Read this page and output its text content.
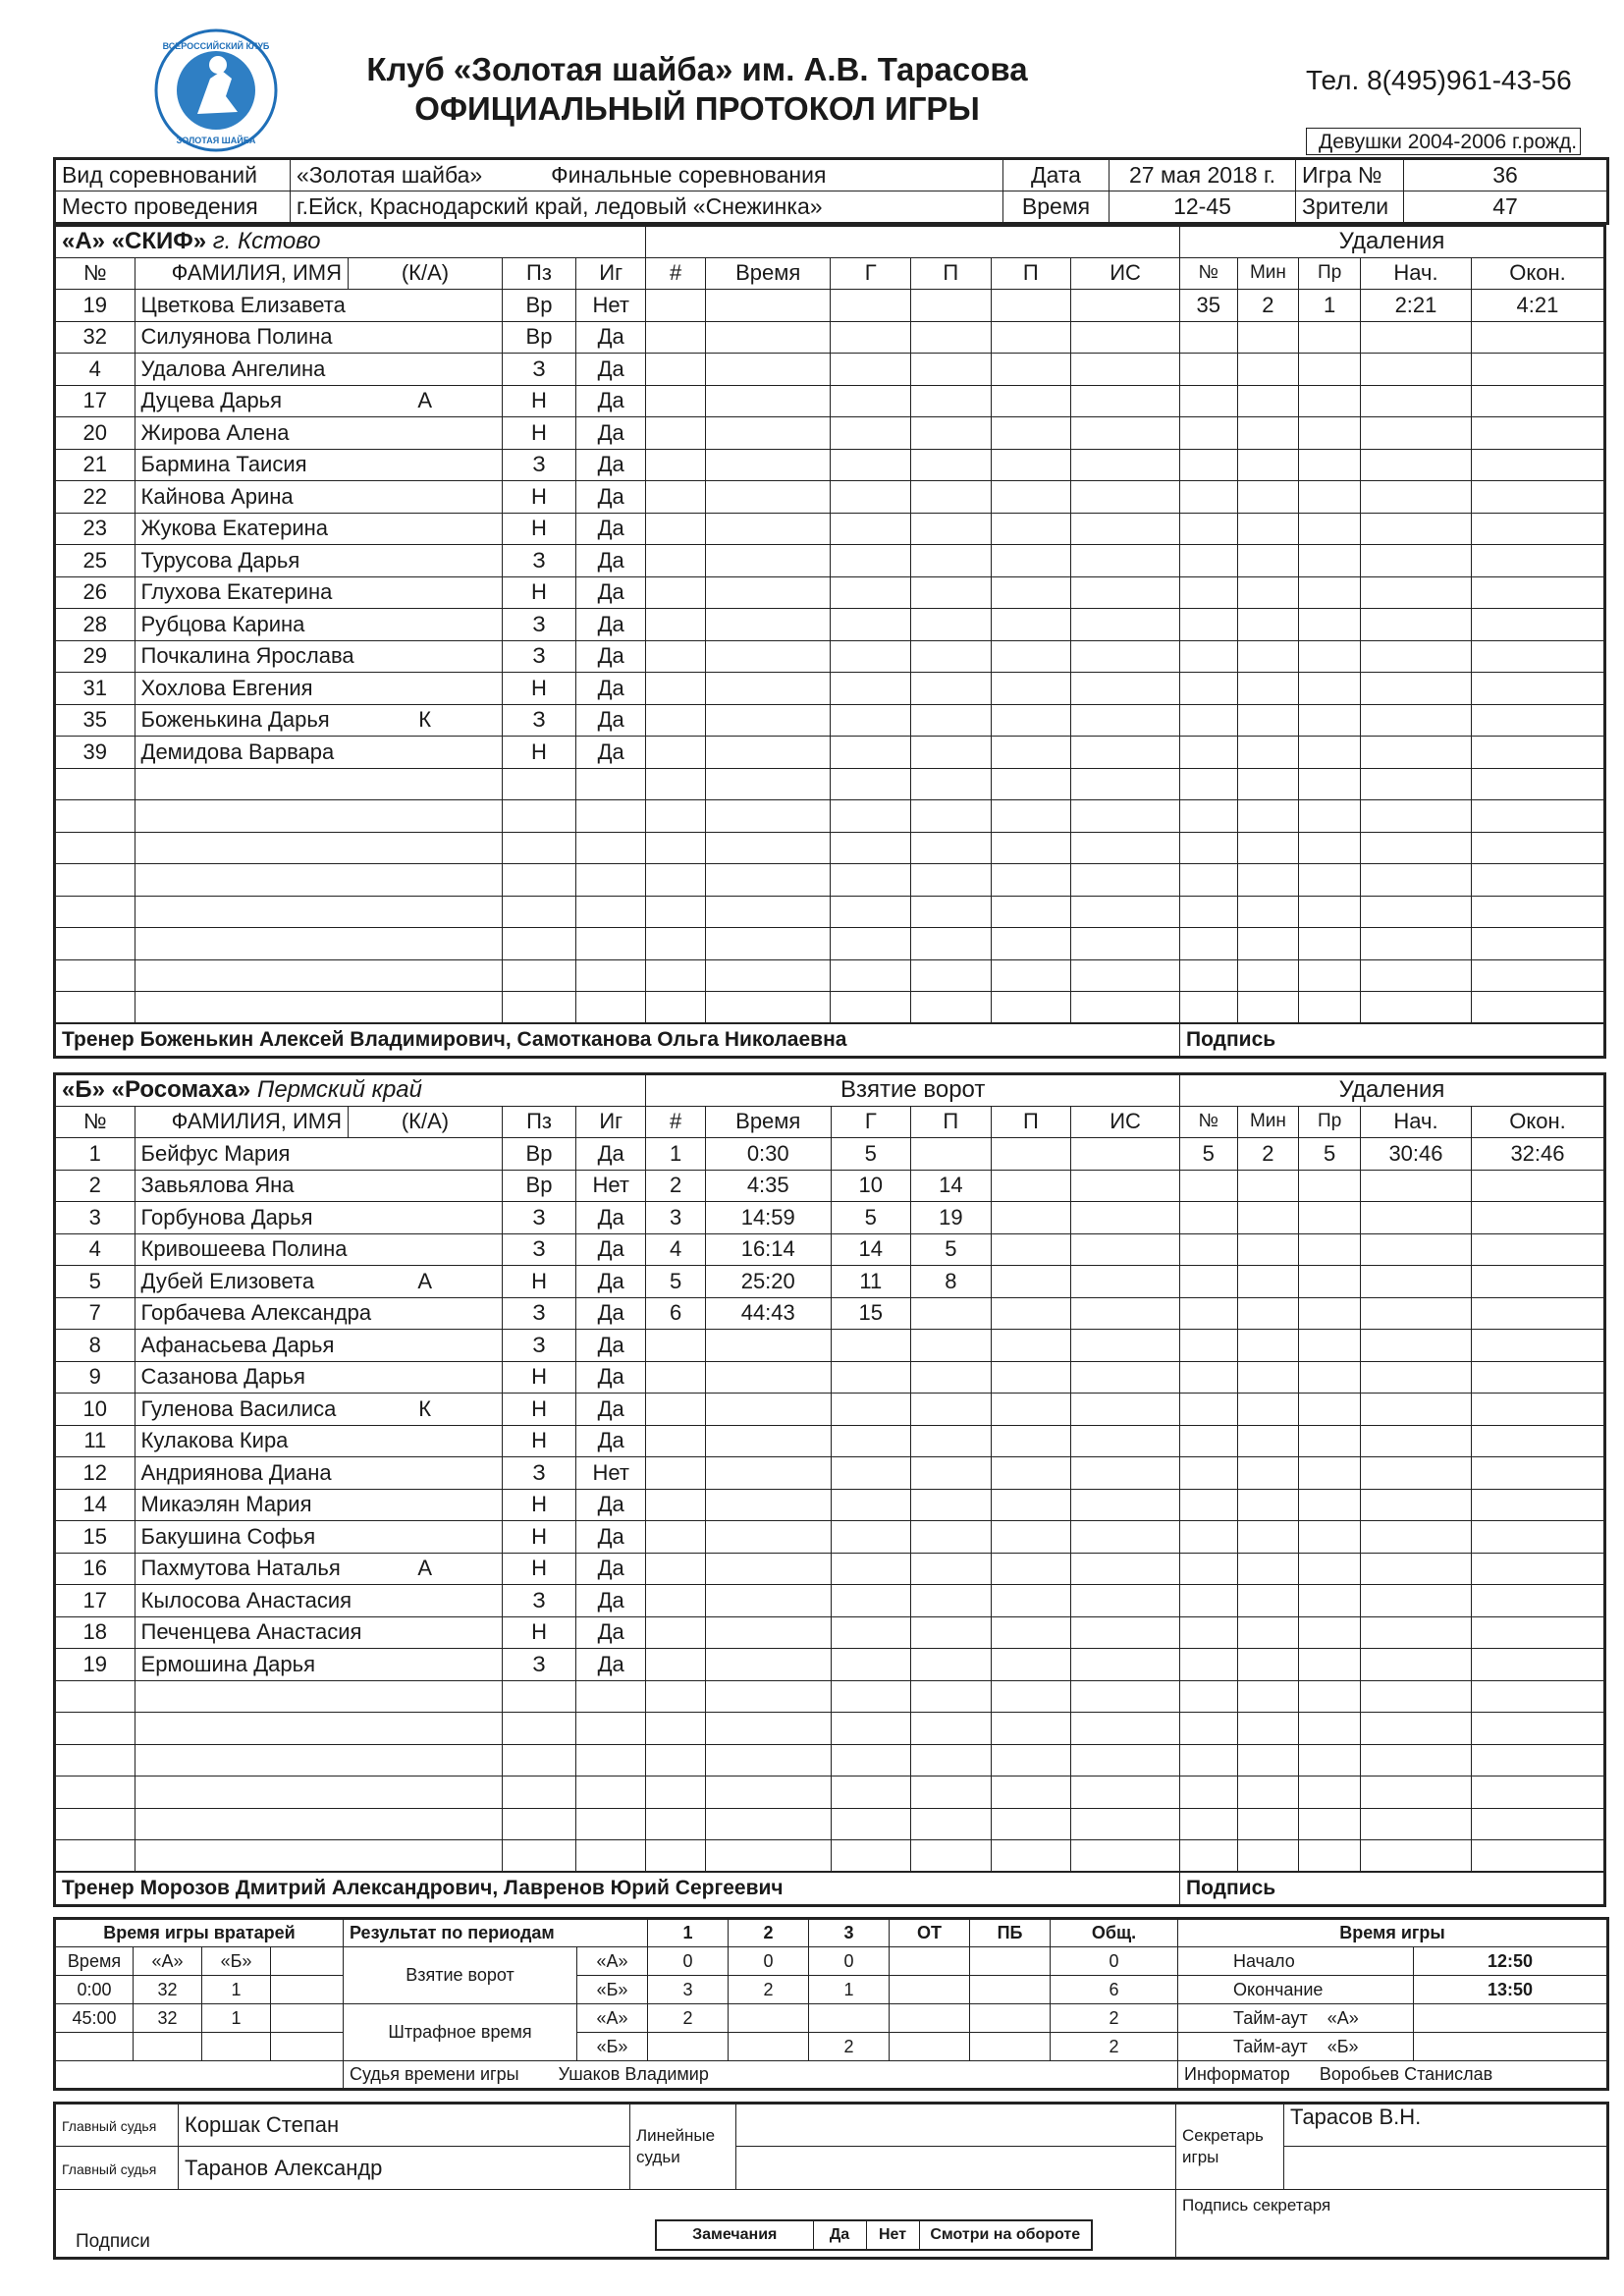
ВСЕРОССИЙСКИЙ КЛУБ
ЗОЛОТАЯ ШАЙБА
Клуб «Золотая шайба» им. А.В. Тарасова
ОФИЦИАЛЬНЫЙ ПРОТОКОЛ ИГРЫ
Тел. 8(495)961-43-56
Девушки 2004-2006 г.рожд.
Вид соревнований	«Золотая шайба» Финальные соревнования	Дата	27 мая 2018 г.	Игра №	36
Место проведения	г.Ейск, Краснодарский край, ледовый «Снежинка»	Время	12-45	Зрители	47
«А» «СКИФ» г. Кстово											Удаления				
№	ФАМИЛИЯ, ИМЯ	(К/А)	Пз	Иг	#	Время	Г	П	П	ИС	№	Мин	Пр	Нач.	Окон.
19	Цветкова Елизавета		Вр	Нет							35	2	1	2:21	4:21
32	Силуянова Полина		Вр	Да											
4	Удалова Ангелина		З	Да											
17	Дуцева Дарья	А	Н	Да											
20	Жирова Алена		Н	Да											
21	Бармина Таисия		З	Да											
22	Кайнова Арина		Н	Да											
23	Жукова Екатерина		Н	Да											
25	Турусова Дарья		З	Да											
26	Глухова Екатерина		Н	Да											
28	Рубцова Карина		З	Да											
29	Почкалина Ярослава		З	Да											
31	Хохлова Евгения		Н	Да											
35	Боженькина Дарья	К	З	Да											
39	Демидова Варвара		Н	Да											

Тренер Боженькин Алексей Владимирович, Самотканова Ольга Николаевна											Подпись				
«Б» «Росомаха» Пермский край					Взятие ворот						Удаления				
№	ФАМИЛИЯ, ИМЯ	(К/А)	Пз	Иг	#	Время	Г	П	П	ИС	№	Мин	Пр	Нач.	Окон.
1	Бейфус Мария		Вр	Да	1	0:30	5				5	2	5	30:46	32:46
2	Завьялова Яна		Вр	Нет	2	4:35	10	14							
3	Горбунова Дарья		З	Да	3	14:59	5	19							
4	Кривошеева Полина		З	Да	4	16:14	14	5							
5	Дубей Елизовета	А	Н	Да	5	25:20	11	8							
7	Горбачева Александра		З	Да	6	44:43	15								
8	Афанасьева Дарья		З	Да											
9	Сазанова Дарья		Н	Да											
10	Гуленова Василиса	К	Н	Да											
11	Кулакова Кира		Н	Да											
12	Андриянова Диана		З	Нет											
14	Микаэлян Мария		Н	Да											
15	Бакушина Софья		Н	Да											
16	Пахмутова Наталья	А	Н	Да											
17	Кылосова Анастасия		З	Да											
18	Печенцева Анастасия		Н	Да											
19	Ермошина Дарья		З	Да											

Тренер Морозов Дмитрий Александрович, Лавренов Юрий Сергеевич											Подпись				
Время игры вратарей				Результат по периодам		1	2	3	ОТ	ПБ	Общ.	Время игры	
Время	«А»	«Б»		Взятие ворот	«А»	0	0	0			0	Начало	12:50
0:00	32	1			«Б»	3	2	1			6	Окончание	13:50
45:00	32	1		Штрафное время	«А»	2					2	Тайм-аут «А»	
					«Б»			2			2	Тайм-аут «Б»	
				Судья времени игры Ушаков Владимир								Информатор Воробьев Станислав	
Главный судья	Коршак Степан	Линейные судьи		Секретарь игры	Тарасов В.Н.
Главный судья	Таранов Александр		
Подписи	Замечания	Да	Нет	Смотри на обороте
	Подпись секретаря
